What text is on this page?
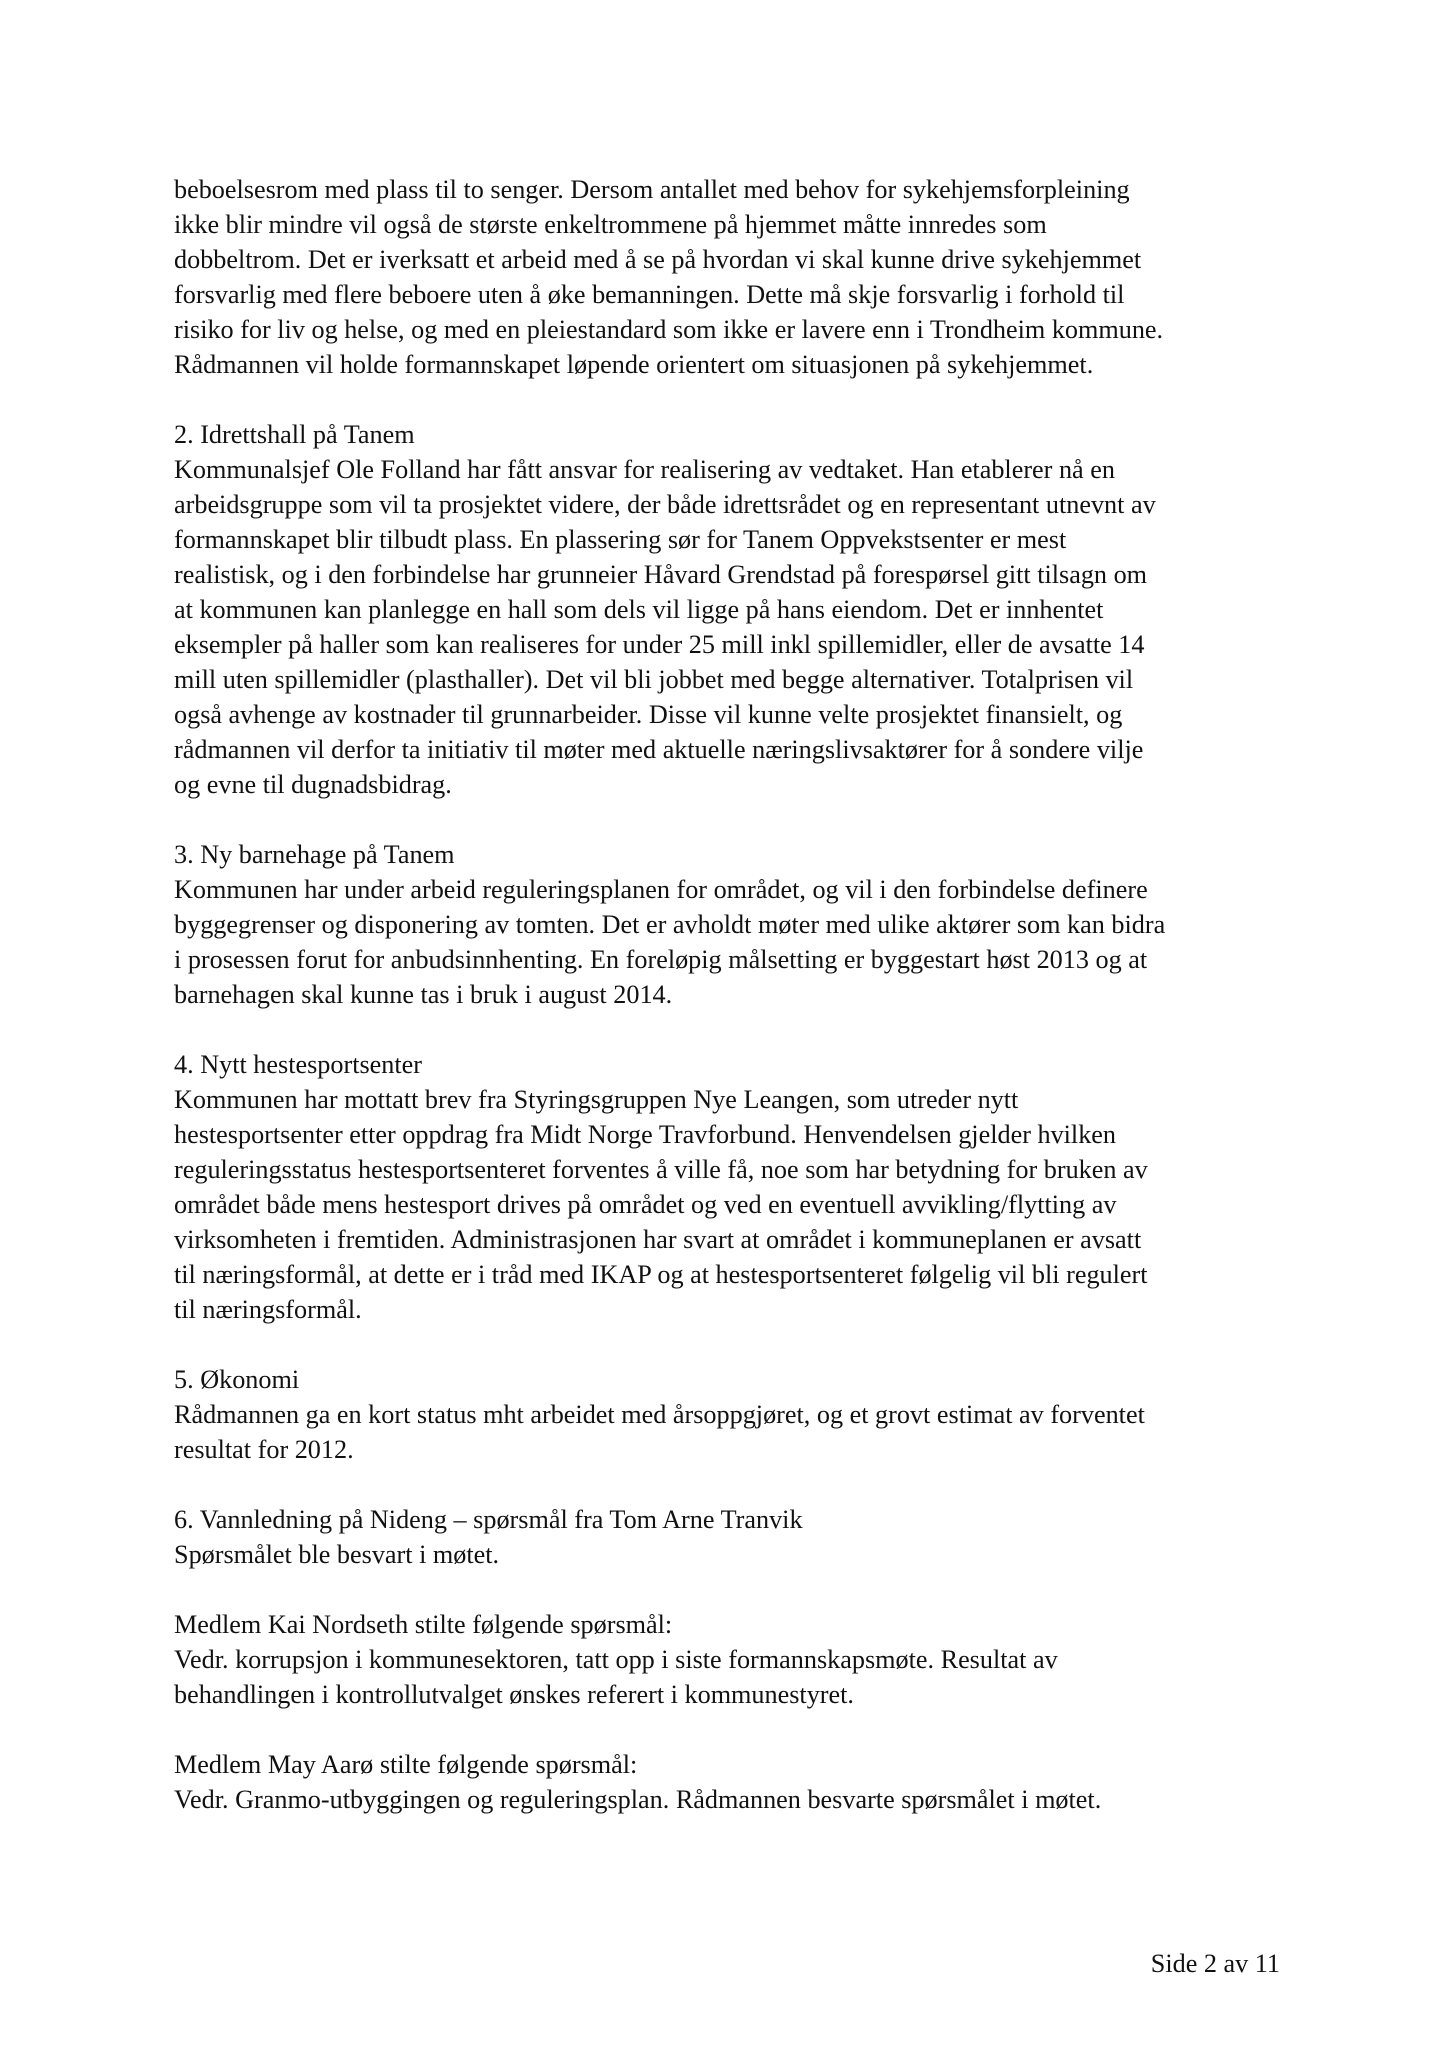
beboelsesrom med plass til to senger. Dersom antallet med behov for sykehjemsforpleining
ikke blir mindre vil også de største enkeltrommene på hjemmet måtte innredes som
dobbeltrom. Det er iverksatt et arbeid med å se på hvordan vi skal kunne drive sykehjemmet
forsvarlig med flere beboere uten å øke bemanningen. Dette må skje forsvarlig i forhold til
risiko for liv og helse, og med en pleiestandard som ikke er lavere enn i Trondheim kommune.
Rådmannen vil holde formannskapet løpende orientert om situasjonen på sykehjemmet.
2. Idrettshall på Tanem
Kommunalsjef Ole Folland har fått ansvar for realisering av vedtaket. Han etablerer nå en
arbeidsgruppe som vil ta prosjektet videre, der både idrettsrådet og en representant utnevnt av
formannskapet blir tilbudt plass. En plassering sør for Tanem Oppvekstsenter er mest
realistisk, og i den forbindelse har grunneier Håvard Grendstad på forespørsel gitt tilsagn om
at kommunen kan planlegge en hall som dels vil ligge på hans eiendom. Det er innhentet
eksempler på haller som kan realiseres for under 25 mill inkl spillemidler, eller de avsatte 14
mill uten spillemidler (plasthaller). Det vil bli jobbet med begge alternativer. Totalprisen vil
også avhenge av kostnader til grunnarbeider. Disse vil kunne velte prosjektet finansielt, og
rådmannen vil derfor ta initiativ til møter med aktuelle næringslivsaktører for å sondere vilje
og evne til dugnadsbidrag.
3. Ny barnehage på Tanem
Kommunen har under arbeid reguleringsplanen for området, og vil i den forbindelse definere
byggegrenser og disponering av tomten. Det er avholdt møter med ulike aktører som kan bidra
i prosessen forut for anbudsinnhenting. En foreløpig målsetting er byggestart høst 2013 og at
barnehagen skal kunne tas i bruk i august 2014.
4. Nytt hestesportsenter
Kommunen har mottatt brev fra Styringsgruppen Nye Leangen, som utreder nytt
hestesportsenter etter oppdrag fra Midt Norge Travforbund. Henvendelsen gjelder hvilken
reguleringsstatus hestesportsenteret forventes å ville få, noe som har betydning for bruken av
området både mens hestesport drives på området og ved en eventuell avvikling/flytting av
virksomheten i fremtiden. Administrasjonen har svart at området i kommuneplanen er avsatt
til næringsformål, at dette er i tråd med IKAP og at hestesportsenteret følgelig vil bli regulert
til næringsformål.
5. Økonomi
Rådmannen ga en kort status mht arbeidet med årsoppgjøret, og et grovt estimat av forventet
resultat for 2012.
6. Vannledning på Nideng – spørsmål fra Tom Arne Tranvik
Spørsmålet ble besvart i møtet.
Medlem Kai Nordseth stilte følgende spørsmål:
Vedr. korrupsjon i kommunesektoren, tatt opp i siste formannskapsmøte. Resultat av
behandlingen i kontrollutvalget ønskes referert i kommunestyret.
Medlem May Aarø stilte følgende spørsmål:
Vedr. Granmo-utbyggingen og reguleringsplan. Rådmannen besvarte spørsmålet i møtet.
Side 2 av 11
